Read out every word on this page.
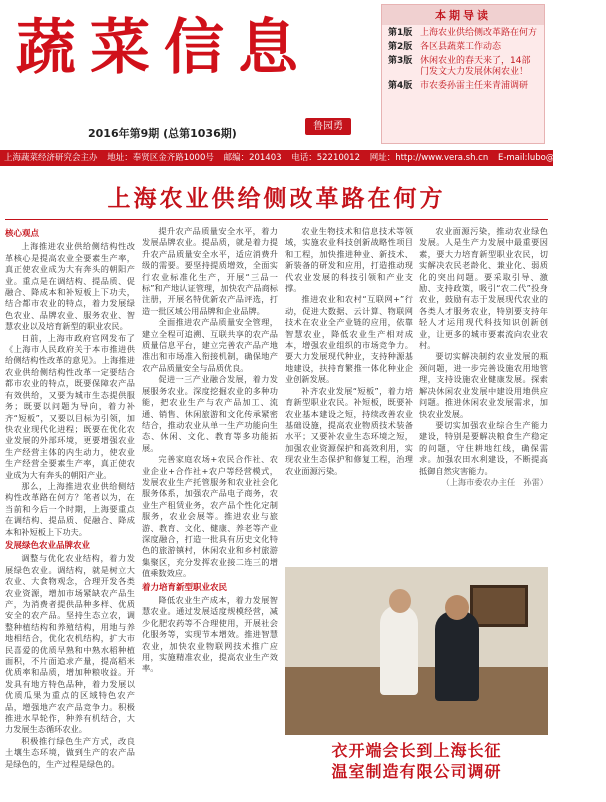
蔬菜信息
鲁园勇
2016年第9期 (总第1036期)
本期导读
第1版 上海农业供给侧改革路在何方
第2版 各区县蔬菜工作动态
第3版 休闲农业的春天来了，14部门发文大力发展休闲农业！
第4版 市农委孙雷主任来青浦调研
上海蔬菜经济研究会主办 地址：奉贤区金齐路1000号 邮编：201403 电话：52210012 网址：http://www.vera.sh.cn E-mail:lubo@saas.sh.cn
上海农业供给侧改革路在何方

核心观点

上海推进农业供给侧结构性改革核心是提高农业全要素生产率，真正使农业成为大有奔头的朝阳产业。重点是在调结构、提品质、促融合、降成本和补短板上下功夫，结合都市农业的特点，着力发展绿色农业、品牌农业、服务农业、智慧农业以及培育新型的职业农民。

日前，上海市政府官网发布了《上海市人民政府关于本市推进供给侧结构性改革的意见》。上海推进农业供给侧结构性改革一定要结合都市农业的特点，既要保障农产品有效供给，又要为城市生态提供服务；既要以问题为导向，着力补齐“短板”，又要以目标为引领，加快农业现代化进程；既要在优化农业发展的外部环境，更要增强农业生产经营主体的内生动力，使农业生产经营全要素生产率，真正使农业成为大有奔头的朝阳产业。

那么，上海推进农业供给侧结构性改革路在何方？笔者以为，在当前和今后一个时期，上海要重点在调结构、提品质、促融合、降成本和补短板上下功夫。

发展绿色农业品牌农业

调整与优化农业结构，着力发展绿色农业。调结构，就是树立大农业、大食物观念，合理开发各类农业资源，增加市场紧缺农产品生产，为消费者提供品种多样、优质安全的农产品。坚持生态立农，调整种植结构和养殖结构，用地与养地相结合，优化农机结构，扩大市民喜爱的优质早熟和中熟水稻种植面积，不片面追求产量，提高稻米优质率和品质，增加种粮收益。开发具有地方特色品种，着力发展以优质瓜果为重点的区域特色农产品，增强地产农产品竞争力。积极推进水旱轮作，种养有机结合，大力发展生态循环农业。

积极推行绿色生产方式，改良土壤生态环境，做到生产的农产品是绿色的，生产过程是绿色的。

提升农产品质量安全水平，着力发展品牌农业。提品质，就是着力提升农产品质量安全水平，适应消费升级的需要。要坚持提质增效，全面实行农业标准化生产，开展“三品一标”和产地认证管理，加快农产品商标注册，开展名特优新农产品评选，打造一批区域公用品牌和企业品牌。

全面推进农产品质量安全管理，建立全程可追溯、互联共享的农产品质量信息平台，建立完善农产品产地准出和市场准入衔接机制，确保地产农产品质量安全与品质优良。

促进一三产业融合发展，着力发展服务农业。深度挖掘农业的多种功能，把农业生产与农产品加工、流通、销售、休闲旅游和文化传承紧密结合，推动农业从单一生产功能向生态、休闲、文化、教育等多功能拓展。

完善家庭农场+农民合作社、农业企业+合作社+农户等经营模式，发展农业生产托管服务和农业社会化服务体系，加强农产品电子商务，农业生产租赁业务，农产品个性化定制服务，农业会展等。推进农业与旅游、教育、文化、健康、养老等产业深度融合，打造一批具有历史文化特色的旅游镇村，休闲农业和乡村旅游集聚区，充分发挥农业接二连三的增值乘数效应。

着力培育新型职业农民

降低农业生产成本，着力发展智慧农业。通过发展适度规模经营，减少化肥农药等不合理使用，开展社会化服务等，实现节本增效。推进智慧农业，加快农业物联网技术推广应用，实施精准农业，提高农业生产效率。

农业生物技术和信息技术等领域，实施农业科技创新战略性项目和工程，加快推进种业、新技术、新装备的研发和应用，打造推动现代农业发展的科技引领和产业支撑。

推进农业和农村“互联网+”行动，促进大数据、云计算、物联网技术在农业全产业链的应用，依靠智慧农业，降低农业生产相对成本，增强农业组织的市场竞争力。要大力发展现代种业，支持种源基地建设，扶持育繁推一体化种业企业创新发展。

补齐农业发展“短板”，着力培育新型职业农民。补短板，既要补农业基本建设之短，持续改善农业基础设施，提高农业物质技术装备水平；又要补农业生态环境之短，加强农业资源保护和高效利用，实现农业生态保护和修复工程，治理农业面源污染。

农业面源污染，推动农业绿色发展。人是生产力发展中最重要因素，要大力培育新型职业农民，切实解决农民老龄化、兼业化、弱质化的突出问题。要采取引导、激励、支持政策，吸引“农二代”投身农业，鼓励有志于发展现代农业的各类人才服务农业，特别要支持年轻人才运用现代科技知识创新创业，让更多的城市要素流向农业农村。

要切实解决制约农业发展的瓶颈问题，进一步完善设施农用地管理，支持设施农业健康发展。探索解决休闲农业发展中建设用地供应问题。推进休闲农业发展需求，加快农业发展。

要切实加强农业综合生产能力建设，特别是要解决粮食生产稳定的问题，守住耕地红线，确保需求。加强农田水利建设，不断提高抵御自然灾害能力。

（上海市委农办主任　孙雷）

衣开端会长到上海长征
温室制造有限公司调研
